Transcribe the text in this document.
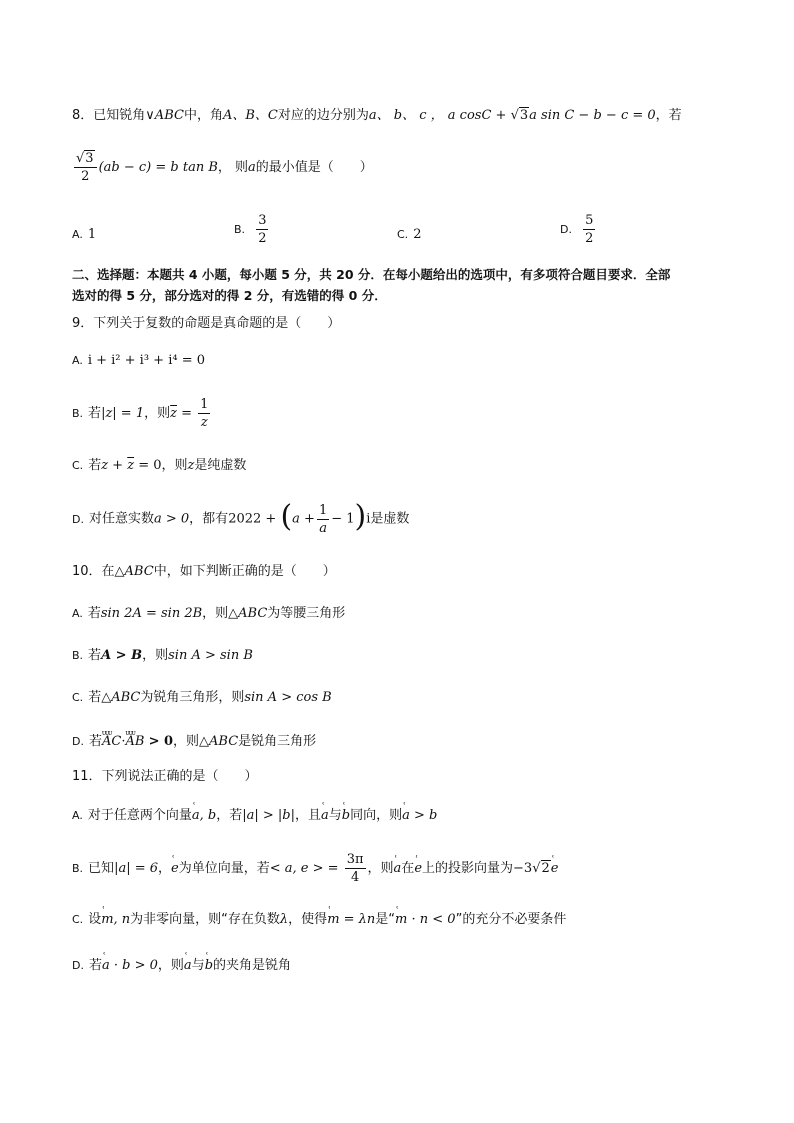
8．已知锐角∨ABC中，角A、B、C对应的边分别为a、 b、 c ， a cosC + √3a sin C − b − c = 0，若
$\frac{√3}{2} (ab - c) = b$ tan B， 则a的最小值是（　　）
A. 1	B. $\frac{3}{2}$	C. 2	D. $\frac{5}{2}$
二、选择题：本题共 4 小题，每小题 5 分，共 20 分．在每小题给出的选项中，有多项符合题目要求．全部
选对的得 5 分，部分选对的得 2 分，有选错的得 0 分．
9．下列关于复数的命题是真命题的是（　　）
A. i + i² + i³ + i⁴ = 0
B. 若|z| = 1，则$\overline{z} = \frac{1}{z}$
C. 若$z + \overline{z} = 0$，则z是纯虚数
D. 对任意实数a > 0，都有$2022 + (a + \frac{1}{a} - 1)i$是虚数
10．在△ABC中，如下判断正确的是（　　）
A. 若sin 2A = sin 2B，则△ABC为等腰三角形
B. 若A > B，则sin A > sin B
C. 若△ABC为锐角三角形，则sin A > cos B
D. 若ᴜᴜᴜ AC·ᴜᴜᴜ AB > 0，则△ABC是锐角三角形
11．下列说法正确的是（　　）
A. 对于任意两个向量ʿ a, b，若|a| > |b|，且ʿ a与ʿ b同向，则ʿ a > b
B. 已知|a| = 6，ʿ e为单位向量，若< a, e > = $\frac{3\pi}{4}$ ，则ʿ a在ʿ e上的投影向量为−3√2ʿ e
C. 设ʿ m, n为非零向量，则“存在负数λ，使得ʿ m = λn是“ʿ m · n < 0”的充分不必要条件
D. 若ʿ a · b > 0，则ʿ a与ʿ b的夹角是锐角
